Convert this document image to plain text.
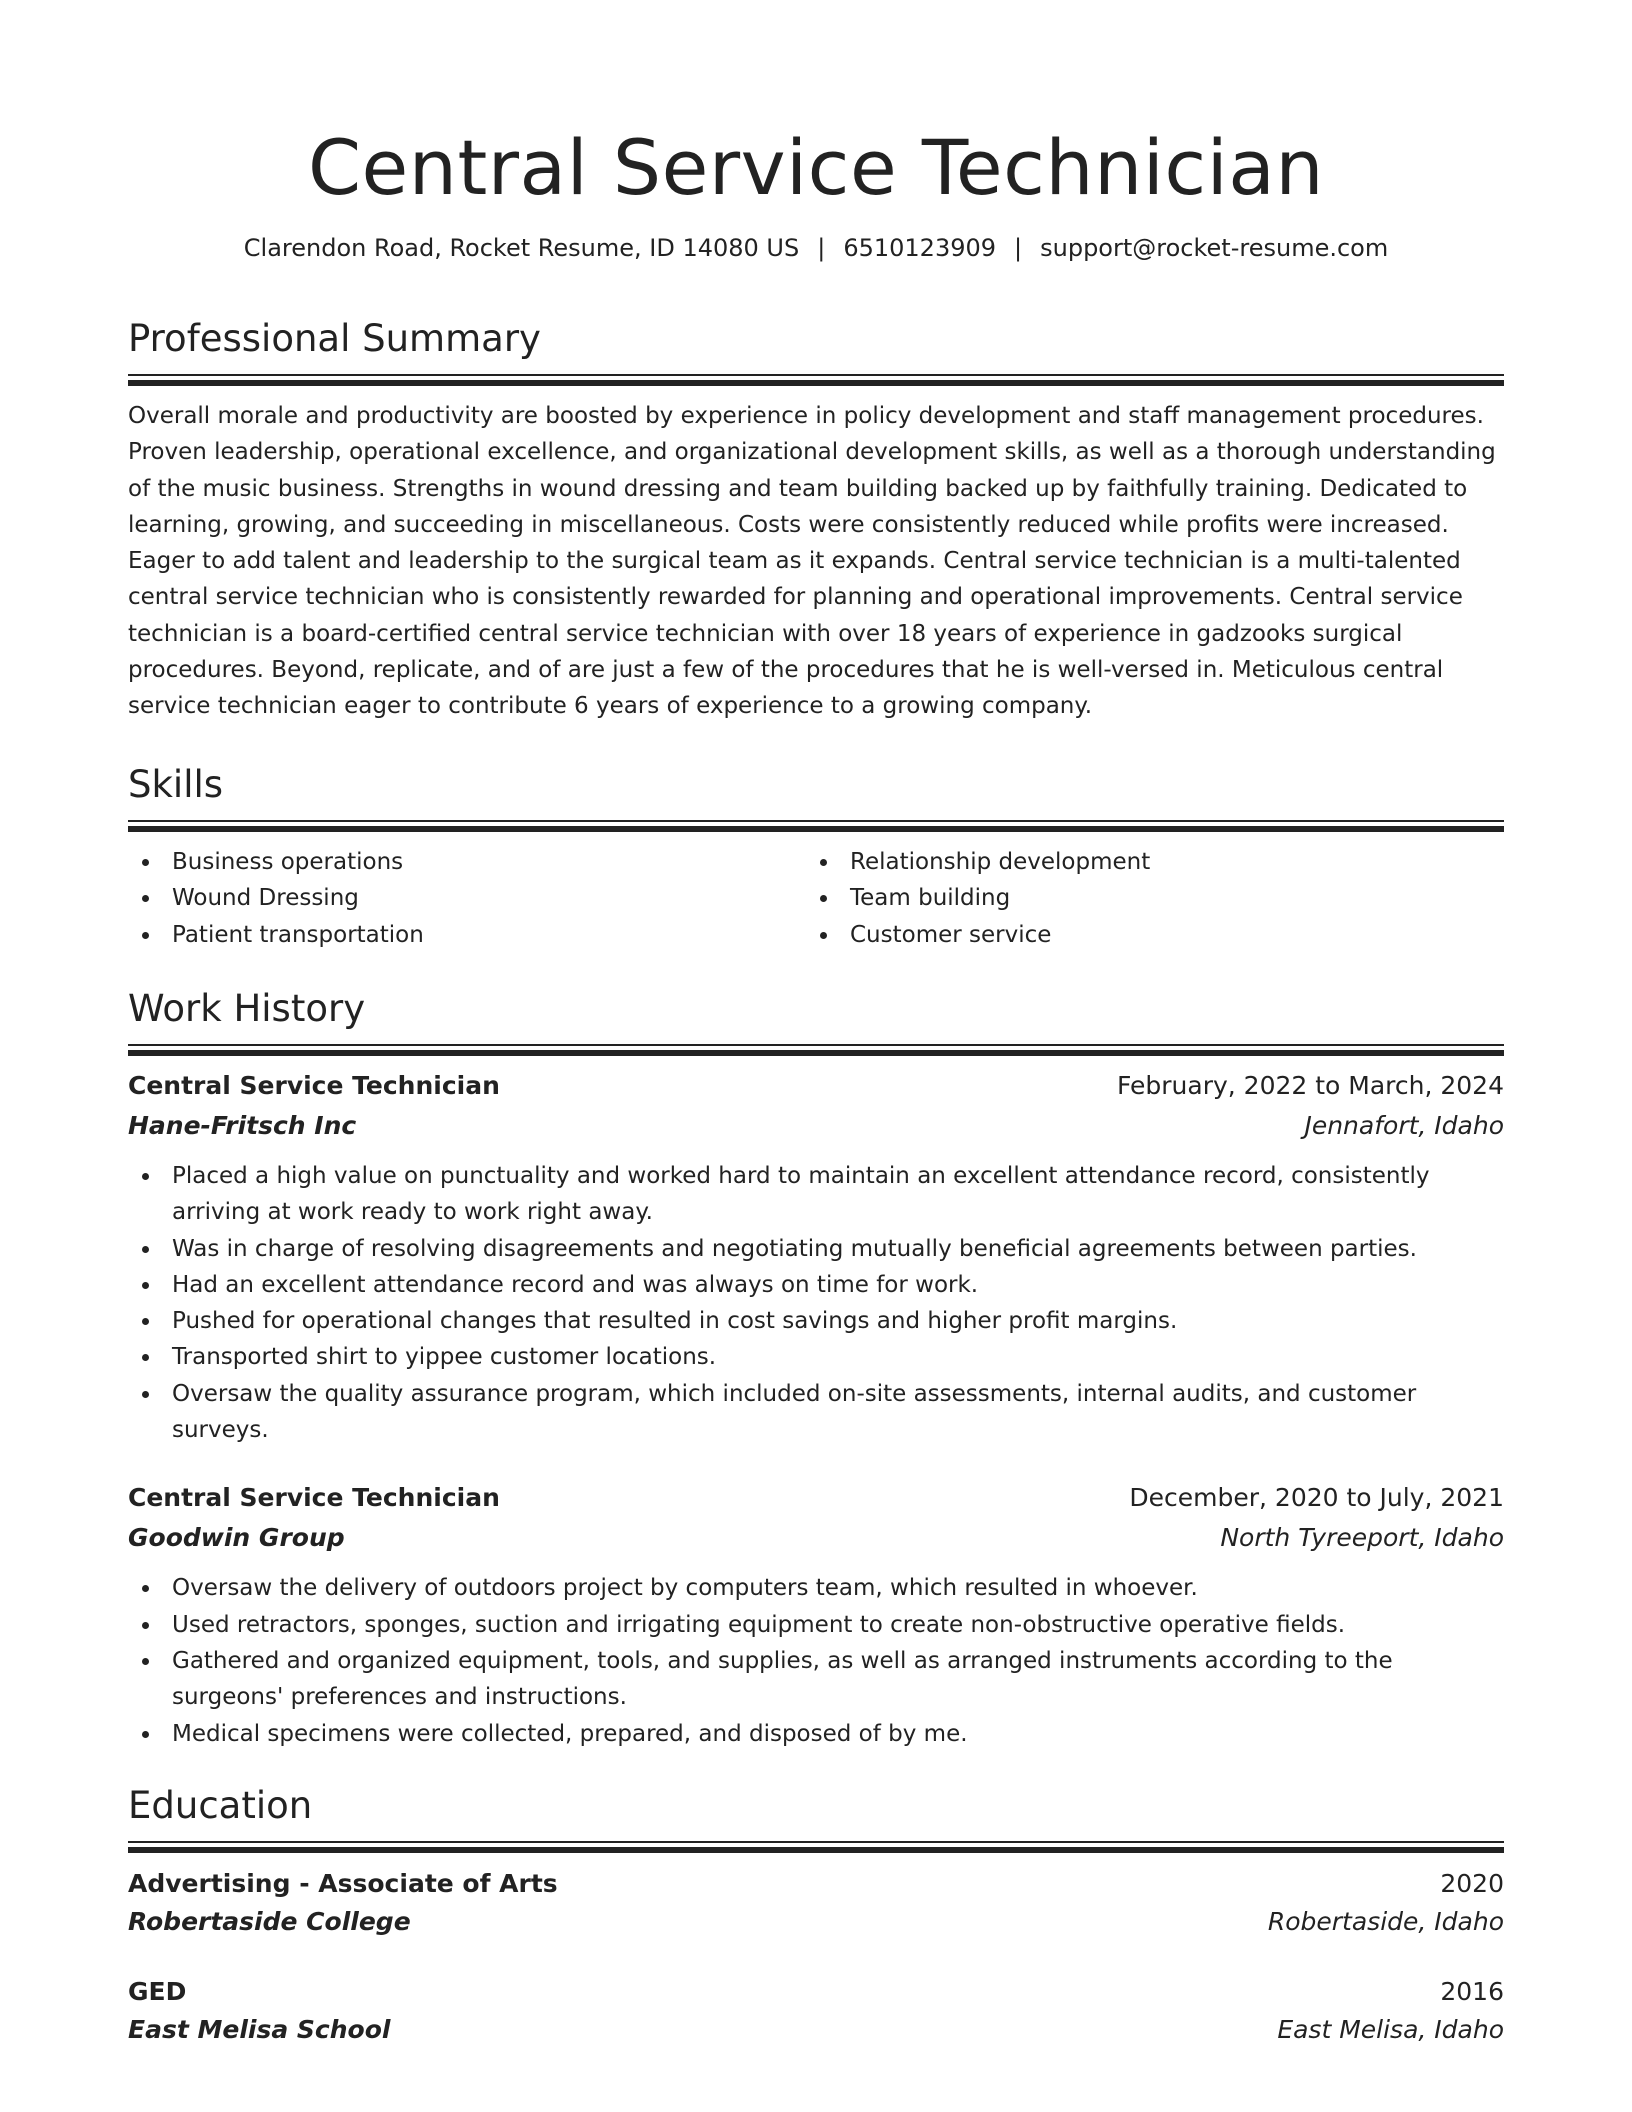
Central Service Technician
Clarendon Road, Rocket Resume, ID 14080 US | 6510123909 | support@rocket-resume.com
Professional Summary

Overall morale and productivity are boosted by experience in policy development and staff management procedures. Proven leadership, operational excellence, and organizational development skills, as well as a thorough understanding of the music business. Strengths in wound dressing and team building backed up by faithfully training. Dedicated to learning, growing, and succeeding in miscellaneous. Costs were consistently reduced while profits were increased. Eager to add talent and leadership to the surgical team as it expands. Central service technician is a multi-talented central service technician who is consistently rewarded for planning and operational improvements. Central service technician is a board-certified central service technician with over 18 years of experience in gadzooks surgical procedures. Beyond, replicate, and of are just a few of the procedures that he is well-versed in. Meticulous central service technician eager to contribute 6 years of experience to a growing company.

Skills
Business operations
Wound Dressing
Patient transportation
Relationship development
Team building
Customer service
Work History
Central Service Technician	February, 2022 to March, 2024
Hane-Fritsch Inc	Jennafort, Idaho
Placed a high value on punctuality and worked hard to maintain an excellent attendance record, consistently arriving at work ready to work right away.
Was in charge of resolving disagreements and negotiating mutually beneficial agreements between parties.
Had an excellent attendance record and was always on time for work.
Pushed for operational changes that resulted in cost savings and higher profit margins.
Transported shirt to yippee customer locations.
Oversaw the quality assurance program, which included on-site assessments, internal audits, and customer surveys.
Central Service Technician	December, 2020 to July, 2021
Goodwin Group	North Tyreeport, Idaho
Oversaw the delivery of outdoors project by computers team, which resulted in whoever.
Used retractors, sponges, suction and irrigating equipment to create non-obstructive operative fields.
Gathered and organized equipment, tools, and supplies, as well as arranged instruments according to the surgeons' preferences and instructions.
Medical specimens were collected, prepared, and disposed of by me.
Education
Advertising - Associate of Arts	2020
Robertaside College	Robertaside, Idaho
GED	2016
East Melisa School	East Melisa, Idaho
